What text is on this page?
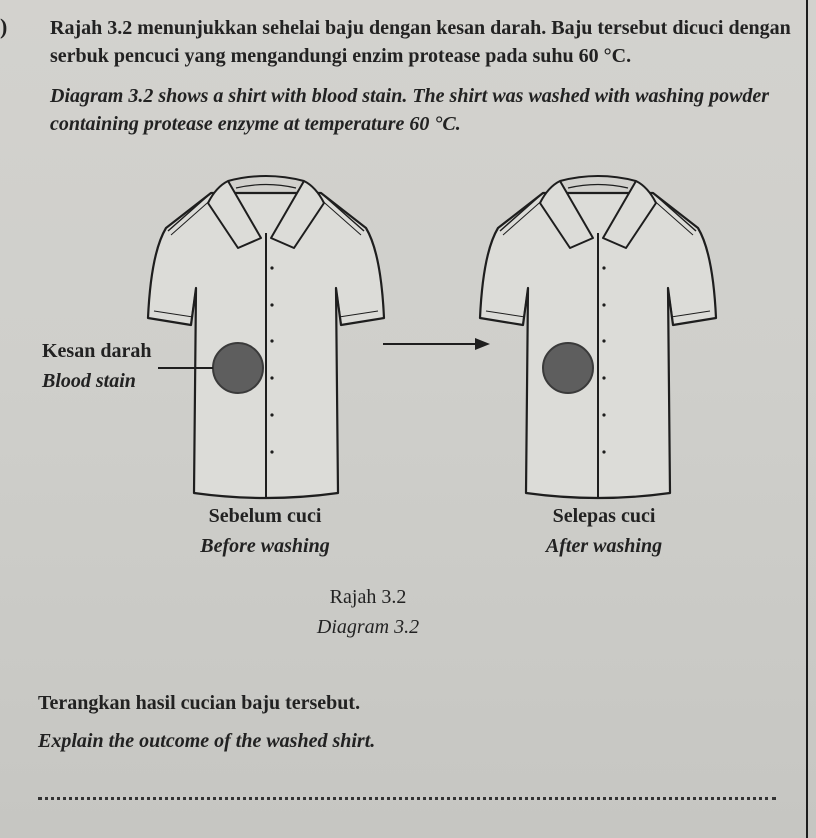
) Rajah 3.2 menunjukkan sehelai baju dengan kesan darah. Baju tersebut dicuci dengan serbuk pencuci yang mengandungi enzim protease pada suhu 60 °C.
Diagram 3.2 shows a shirt with blood stain. The shirt was washed with washing powder containing protease enzyme at temperature 60 °C.
Kesan darah
Blood stain
Sebelum cuci
Before washing
Selepas cuci
After washing
Rajah 3.2
Diagram 3.2
Terangkan hasil cucian baju tersebut.
Explain the outcome of the washed shirt.
